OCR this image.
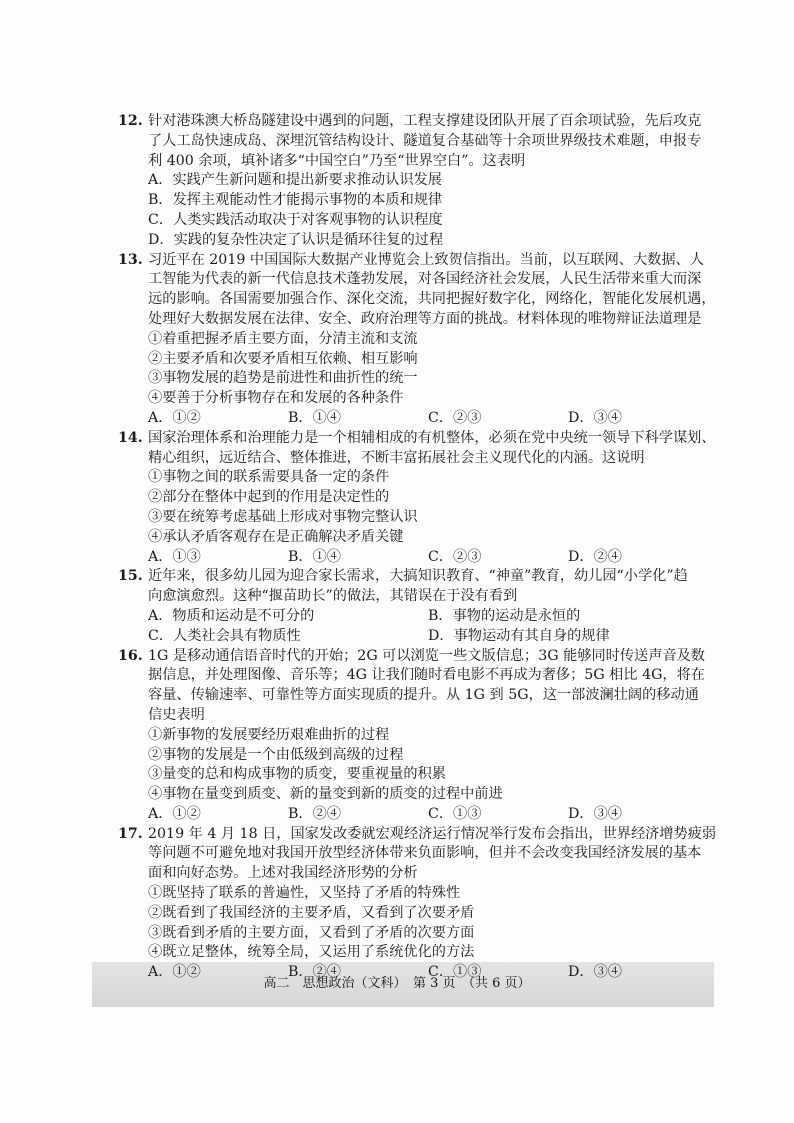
12. 针对港珠澳大桥岛隧建设中遇到的问题，工程支撑建设团队开展了百余项试验，先后攻克
了人工岛快速成岛、深埋沉管结构设计、隧道复合基础等十余项世界级技术难题，申报专
利 400 余项，填补诸多“中国空白”乃至“世界空白”。这表明
A．实践产生新问题和提出新要求推动认识发展
B．发挥主观能动性才能揭示事物的本质和规律
C．人类实践活动取决于对客观事物的认识程度
D．实践的复杂性决定了认识是循环往复的过程
13. 习近平在 2019 中国国际大数据产业博览会上致贺信指出。当前，以互联网、大数据、人
工智能为代表的新一代信息技术蓬勃发展，对各国经济社会发展，人民生活带来重大而深
远的影响。各国需要加强合作、深化交流，共同把握好数字化，网络化，智能化发展机遇，
处理好大数据发展在法律、安全、政府治理等方面的挑战。材料体现的唯物辩证法道理是
①着重把握矛盾主要方面，分清主流和支流
②主要矛盾和次要矛盾相互依赖、相互影响
③事物发展的趋势是前进性和曲折性的统一
④要善于分析事物存在和发展的各种条件
A．①②	B．①④	C．②③	D．③④
14. 国家治理体系和治理能力是一个相辅相成的有机整体，必须在党中央统一领导下科学谋划、
精心组织，远近结合、整体推进，不断丰富拓展社会主义现代化的内涵。这说明
①事物之间的联系需要具备一定的条件
②部分在整体中起到的作用是决定性的
③要在统筹考虑基础上形成对事物完整认识
④承认矛盾客观存在是正确解决矛盾关键
A．①③	B．①④	C．②③	D．②④
15. 近年来，很多幼儿园为迎合家长需求，大搞知识教育、“神童”教育，幼儿园“小学化”趋
向愈演愈烈。这种“揠苗助长”的做法，其错误在于没有看到
A．物质和运动是不可分的	B．事物的运动是永恒的
C．人类社会具有物质性	D．事物运动有其自身的规律
16. 1G 是移动通信语音时代的开始；2G 可以浏览一些文版信息；3G 能够同时传送声音及数
据信息，并处理图像、音乐等；4G 让我们随时看电影不再成为奢侈；5G 相比 4G，将在
容量、传输速率、可靠性等方面实现质的提升。从 1G 到 5G，这一部波澜壮阔的移动通
信史表明
①新事物的发展要经历艰难曲折的过程
②事物的发展是一个由低级到高级的过程
③量变的总和构成事物的质变，要重视量的积累
④事物在量变到质变、新的量变到新的质变的过程中前进
A．①②	B．②④	C．①③	D．③④
17. 2019 年 4 月 18 日，国家发改委就宏观经济运行情况举行发布会指出，世界经济增势疲弱
等问题不可避免地对我国开放型经济体带来负面影响，但并不会改变我国经济发展的基本
面和向好态势。上述对我国经济形势的分析
①既坚持了联系的普遍性，又坚持了矛盾的特殊性
②既看到了我国经济的主要矛盾，又看到了次要矛盾
③既看到矛盾的主要方面，又看到了矛盾的次要方面
④既立足整体，统筹全局，又运用了系统优化的方法
A．①②	B．②④	C．①③	D．③④
高二　思想政治（文科）　第 3 页　（共 6 页）
